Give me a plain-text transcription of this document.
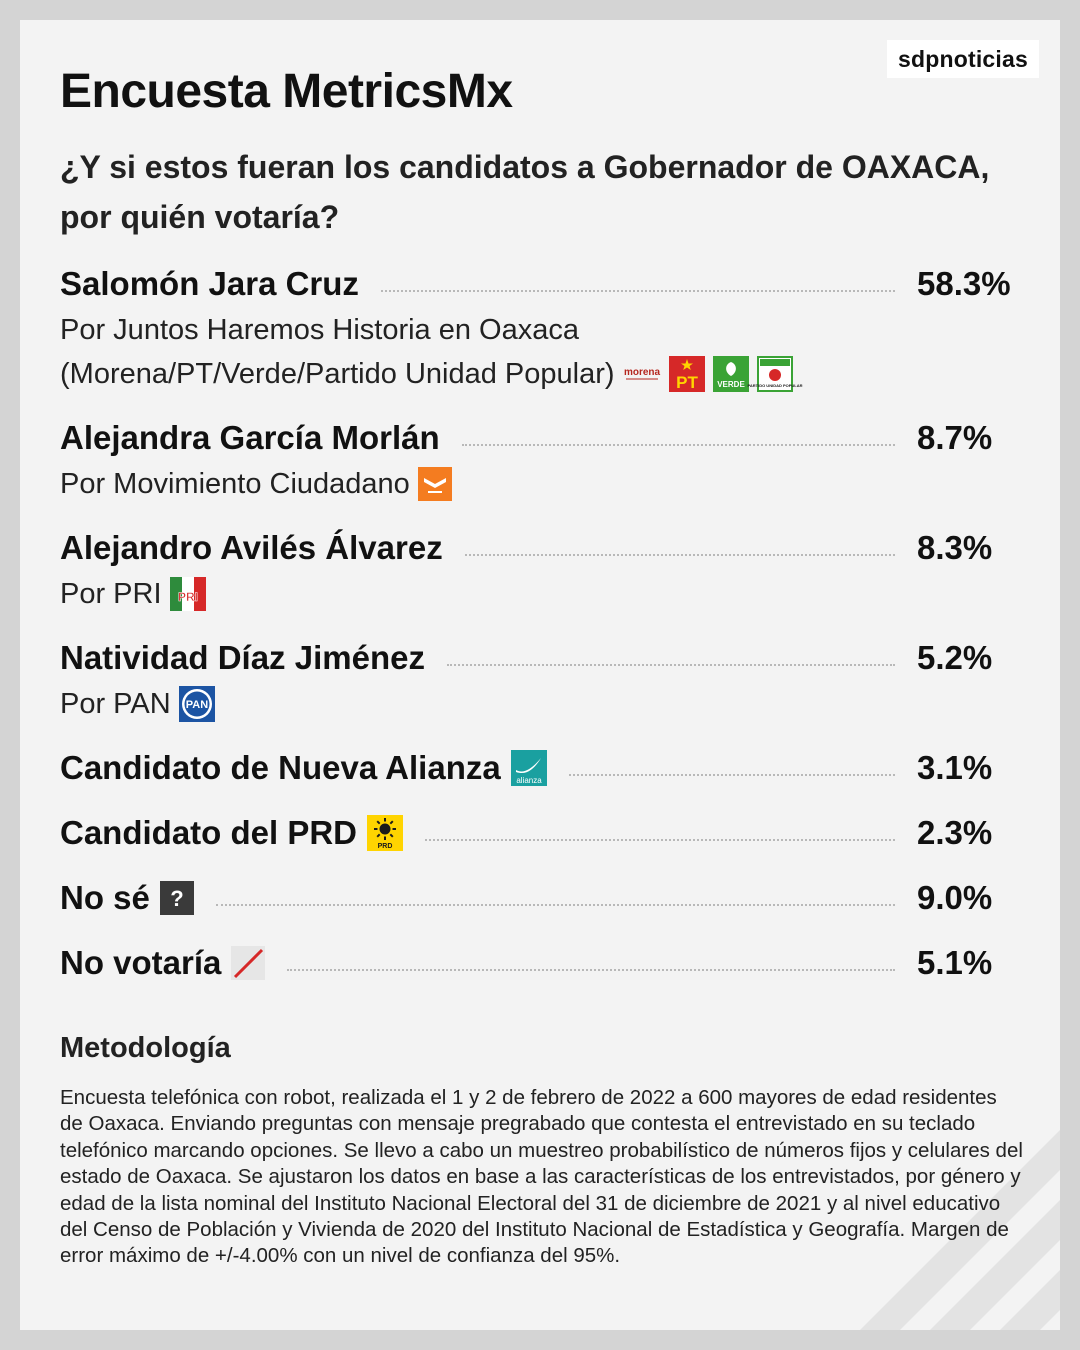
sdpnoticias
Encuesta MetricsMx

¿Y si estos fueran los candidatos a Gobernador de OAXACA, por quién votaría?

Salomón Jara Cruz	58.3%
Por Juntos Haremos Historia en Oaxaca
(Morena/PT/Verde/Partido Unidad Popular) morena
PT VERDE PARTIDO UNIDAD POPULAR
Alejandra García Morlán	8.7%
Por Movimiento Ciudadano
Alejandro Avilés Álvarez	8.3%
Por PRI PRI
Natividad Díaz Jiménez	5.2%
Por PAN PAN
Candidato de Nueva Alianza alianza	3.1%
Candidato del PRD	PRD	2.3%
No sé ?	9.0%
No votaría	5.1%
Metodología

Encuesta telefónica con robot, realizada el 1 y 2 de febrero de 2022 a 600 mayores de edad residentes de Oaxaca. Enviando preguntas con mensaje pregrabado que contesta el entrevistado en su teclado telefónico marcando opciones. Se llevo a cabo un muestreo probabilístico de números fijos y celulares del estado de Oaxaca. Se ajustaron los datos en base a las características de los entrevistados, por género y edad de la lista nominal del Instituto Nacional Electoral del 31 de diciembre de 2021 y al nivel educativo del Censo de Población y Vivienda de 2020 del Instituto Nacional de Estadística y Geografía. Margen de error máximo de +/-4.00% con un nivel de confianza del 95%.
